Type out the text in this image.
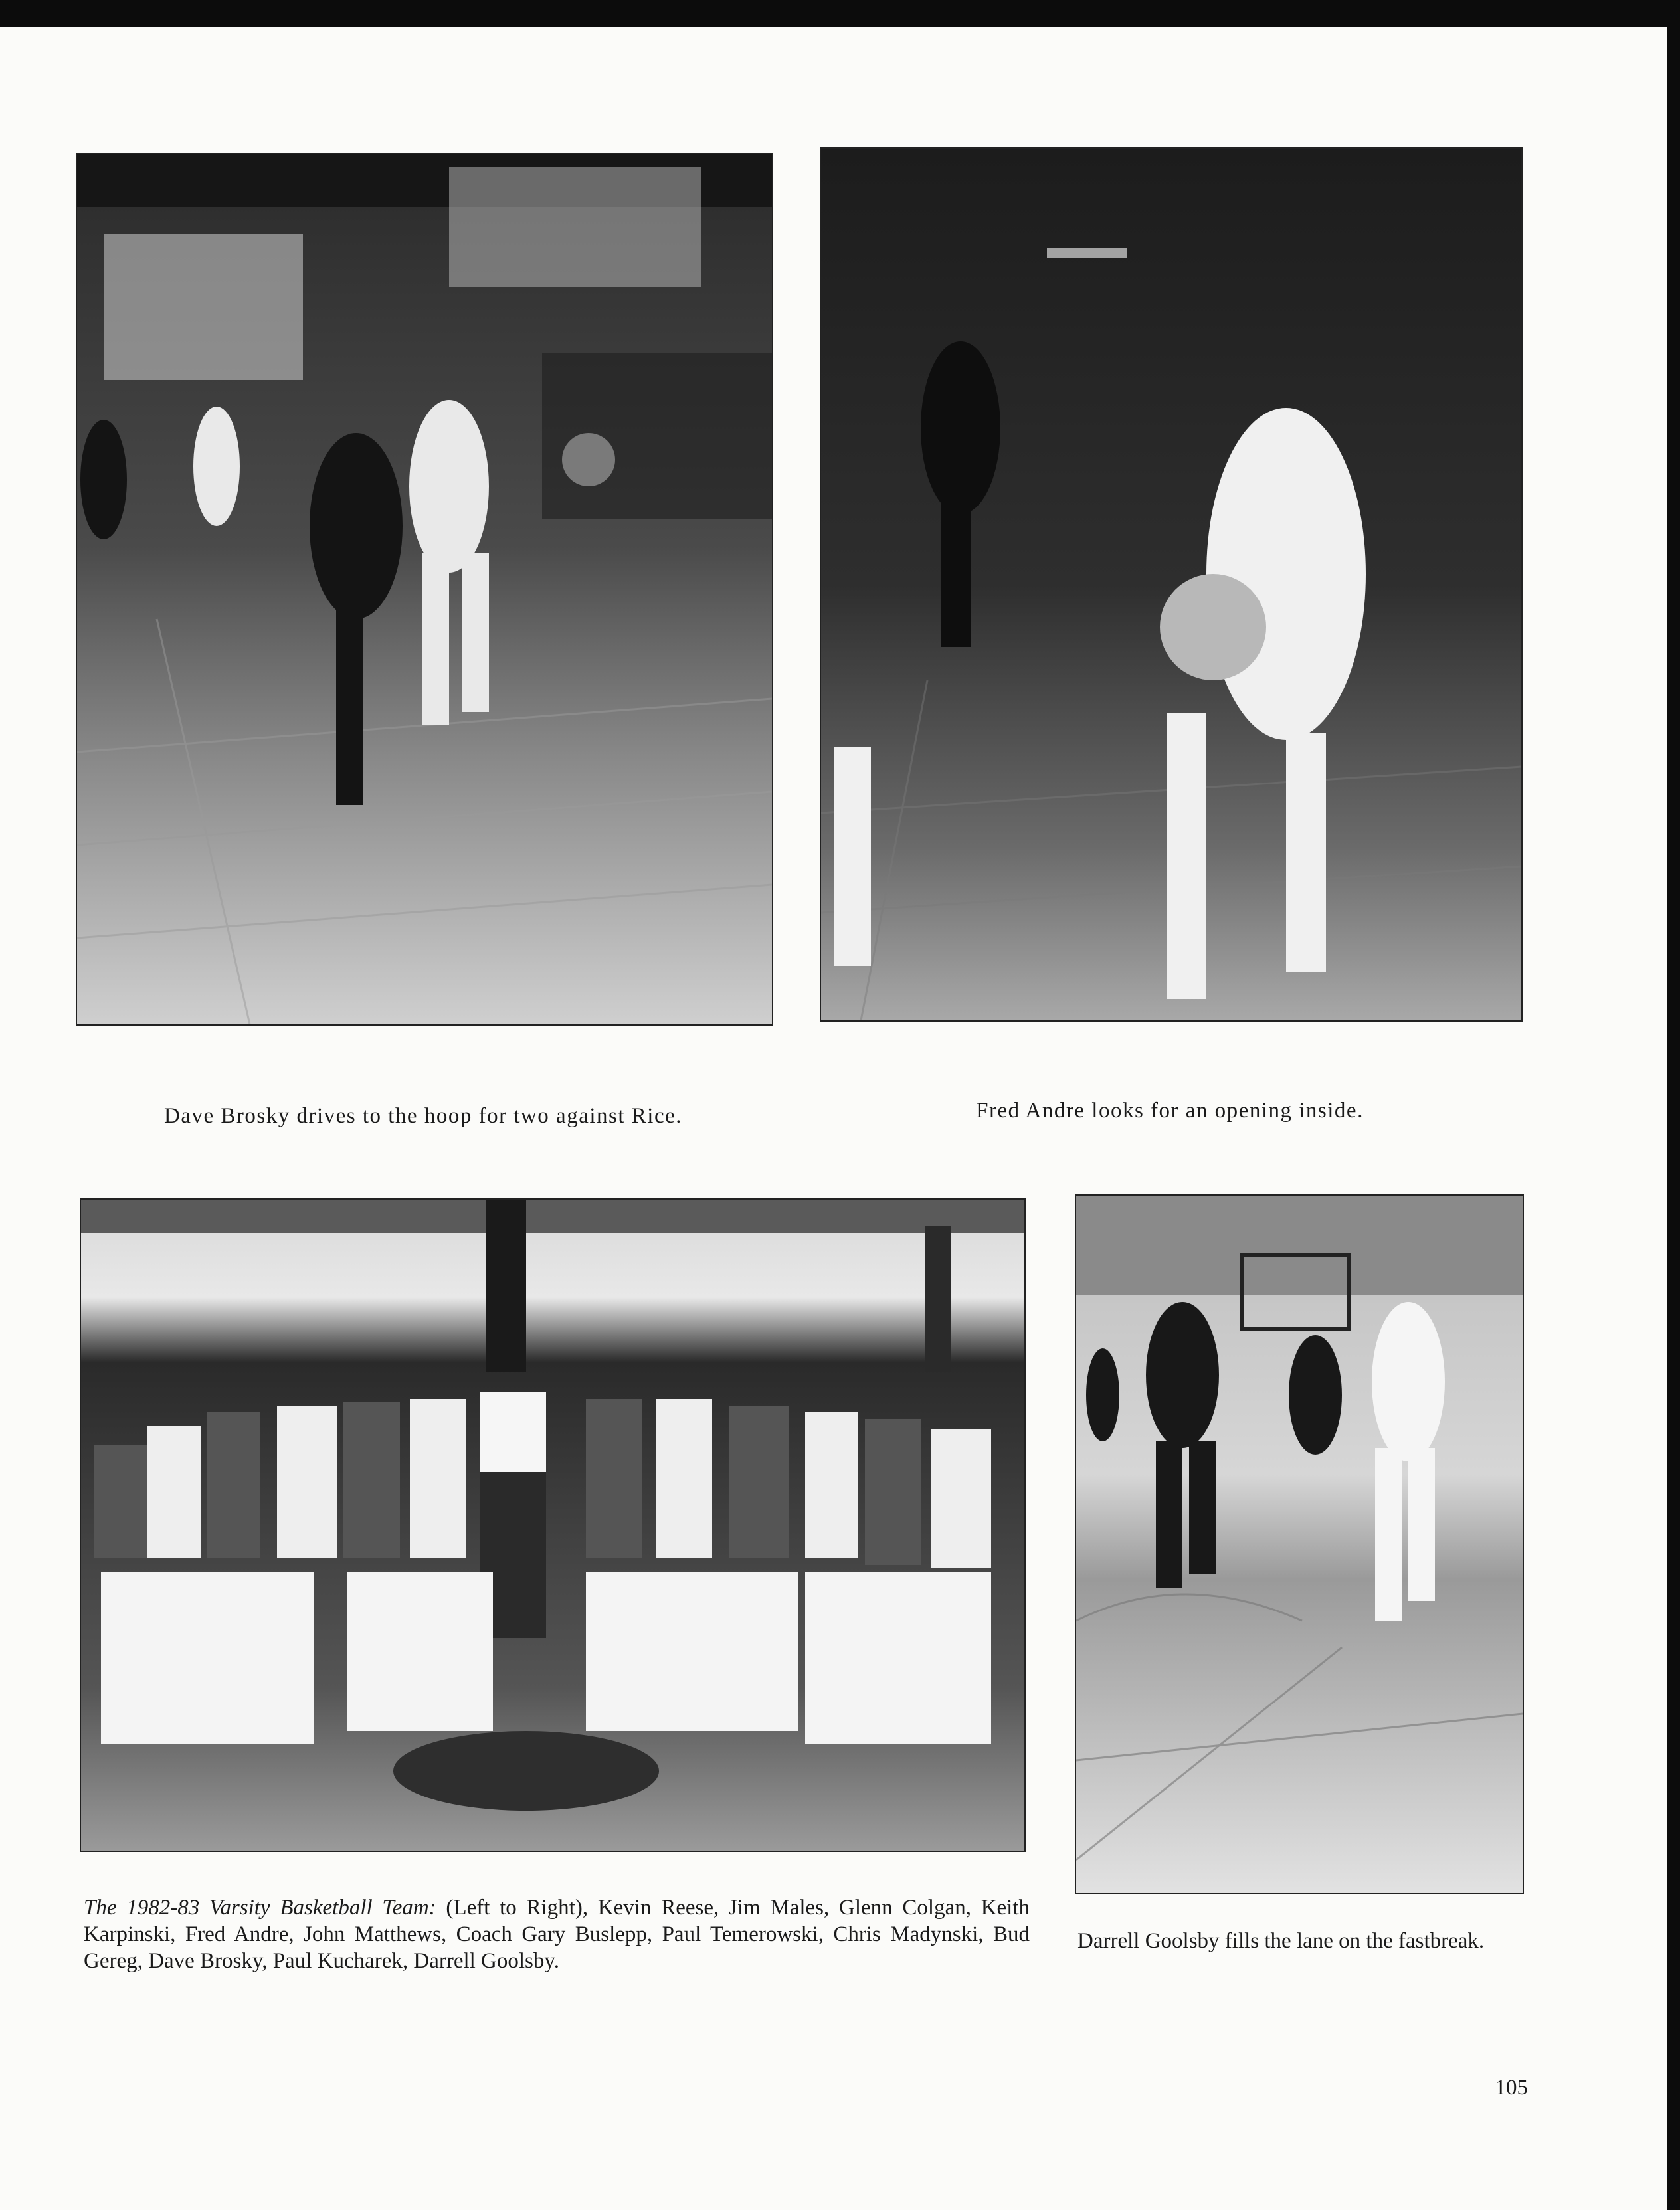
Dave Brosky drives to the hoop for two against Rice.	Fred Andre looks for an opening inside.
The 1982-83 Varsity Basketball Team: (Left to Right), Kevin Reese, Jim Males, Glenn Colgan, Keith Karpinski, Fred Andre, John Matthews, Coach Gary Buslepp, Paul Temerowski, Chris Madynski, Bud Gereg, Dave Brosky, Paul Kucharek, Darrell Goolsby.
Darrell Goolsby fills the lane on the fastbreak.
105
